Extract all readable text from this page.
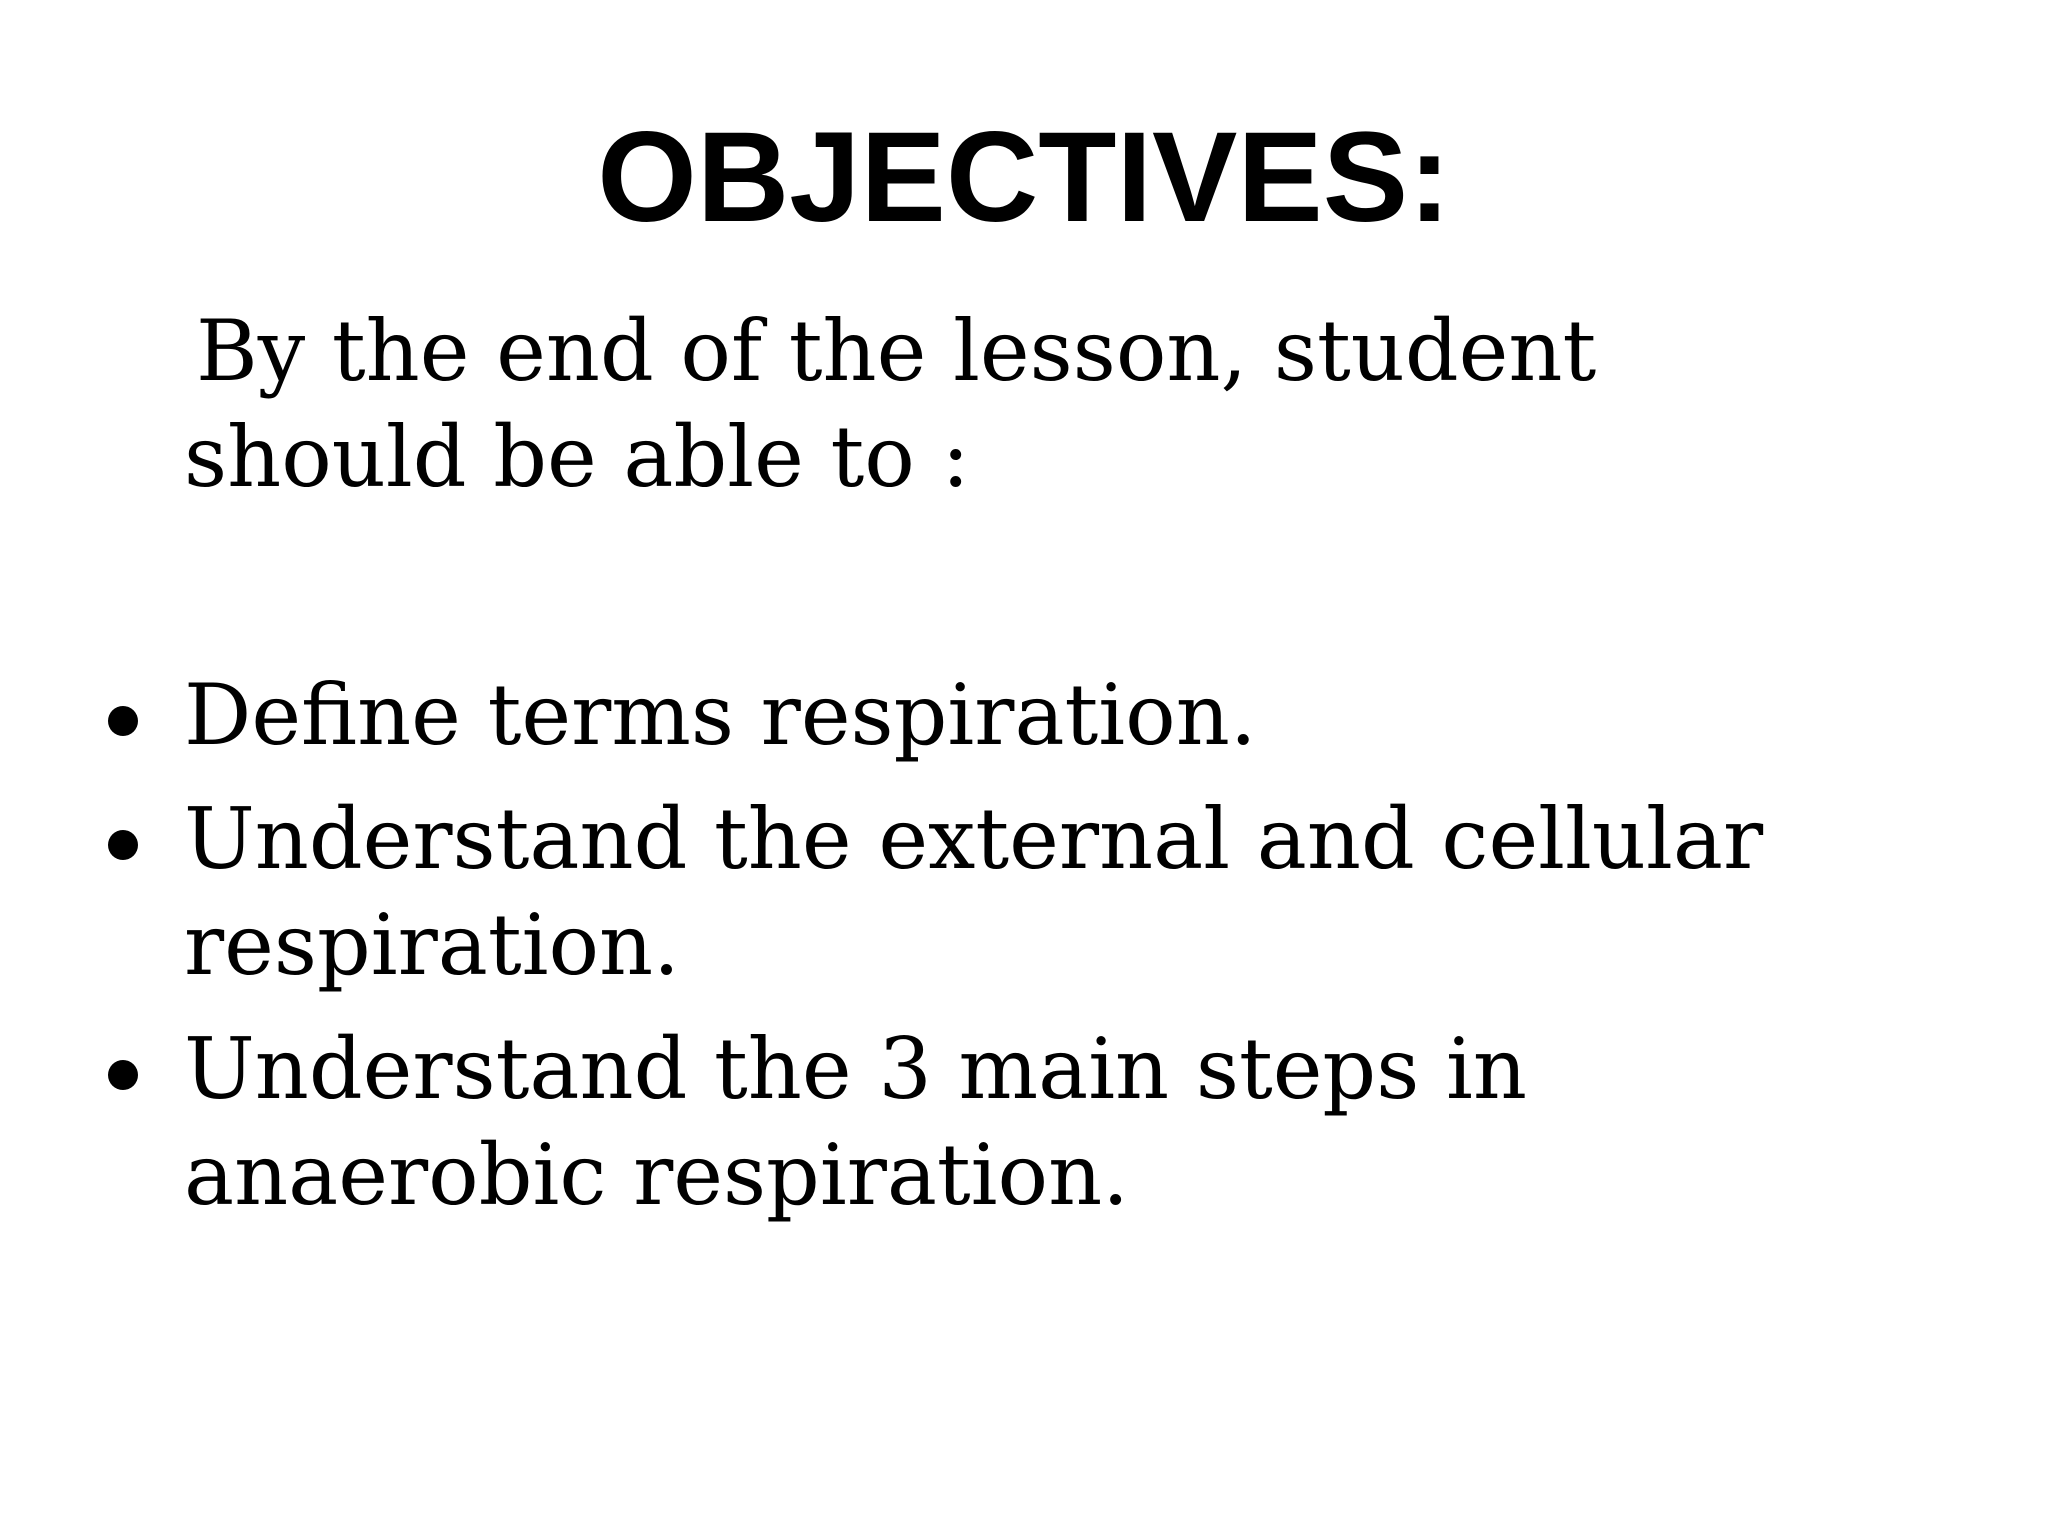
OBJECTIVES:

By the end of the lesson, student should be able to :

Define terms respiration.
Understand the external and cellular respiration.
Understand the 3 main steps in anaerobic respiration.
